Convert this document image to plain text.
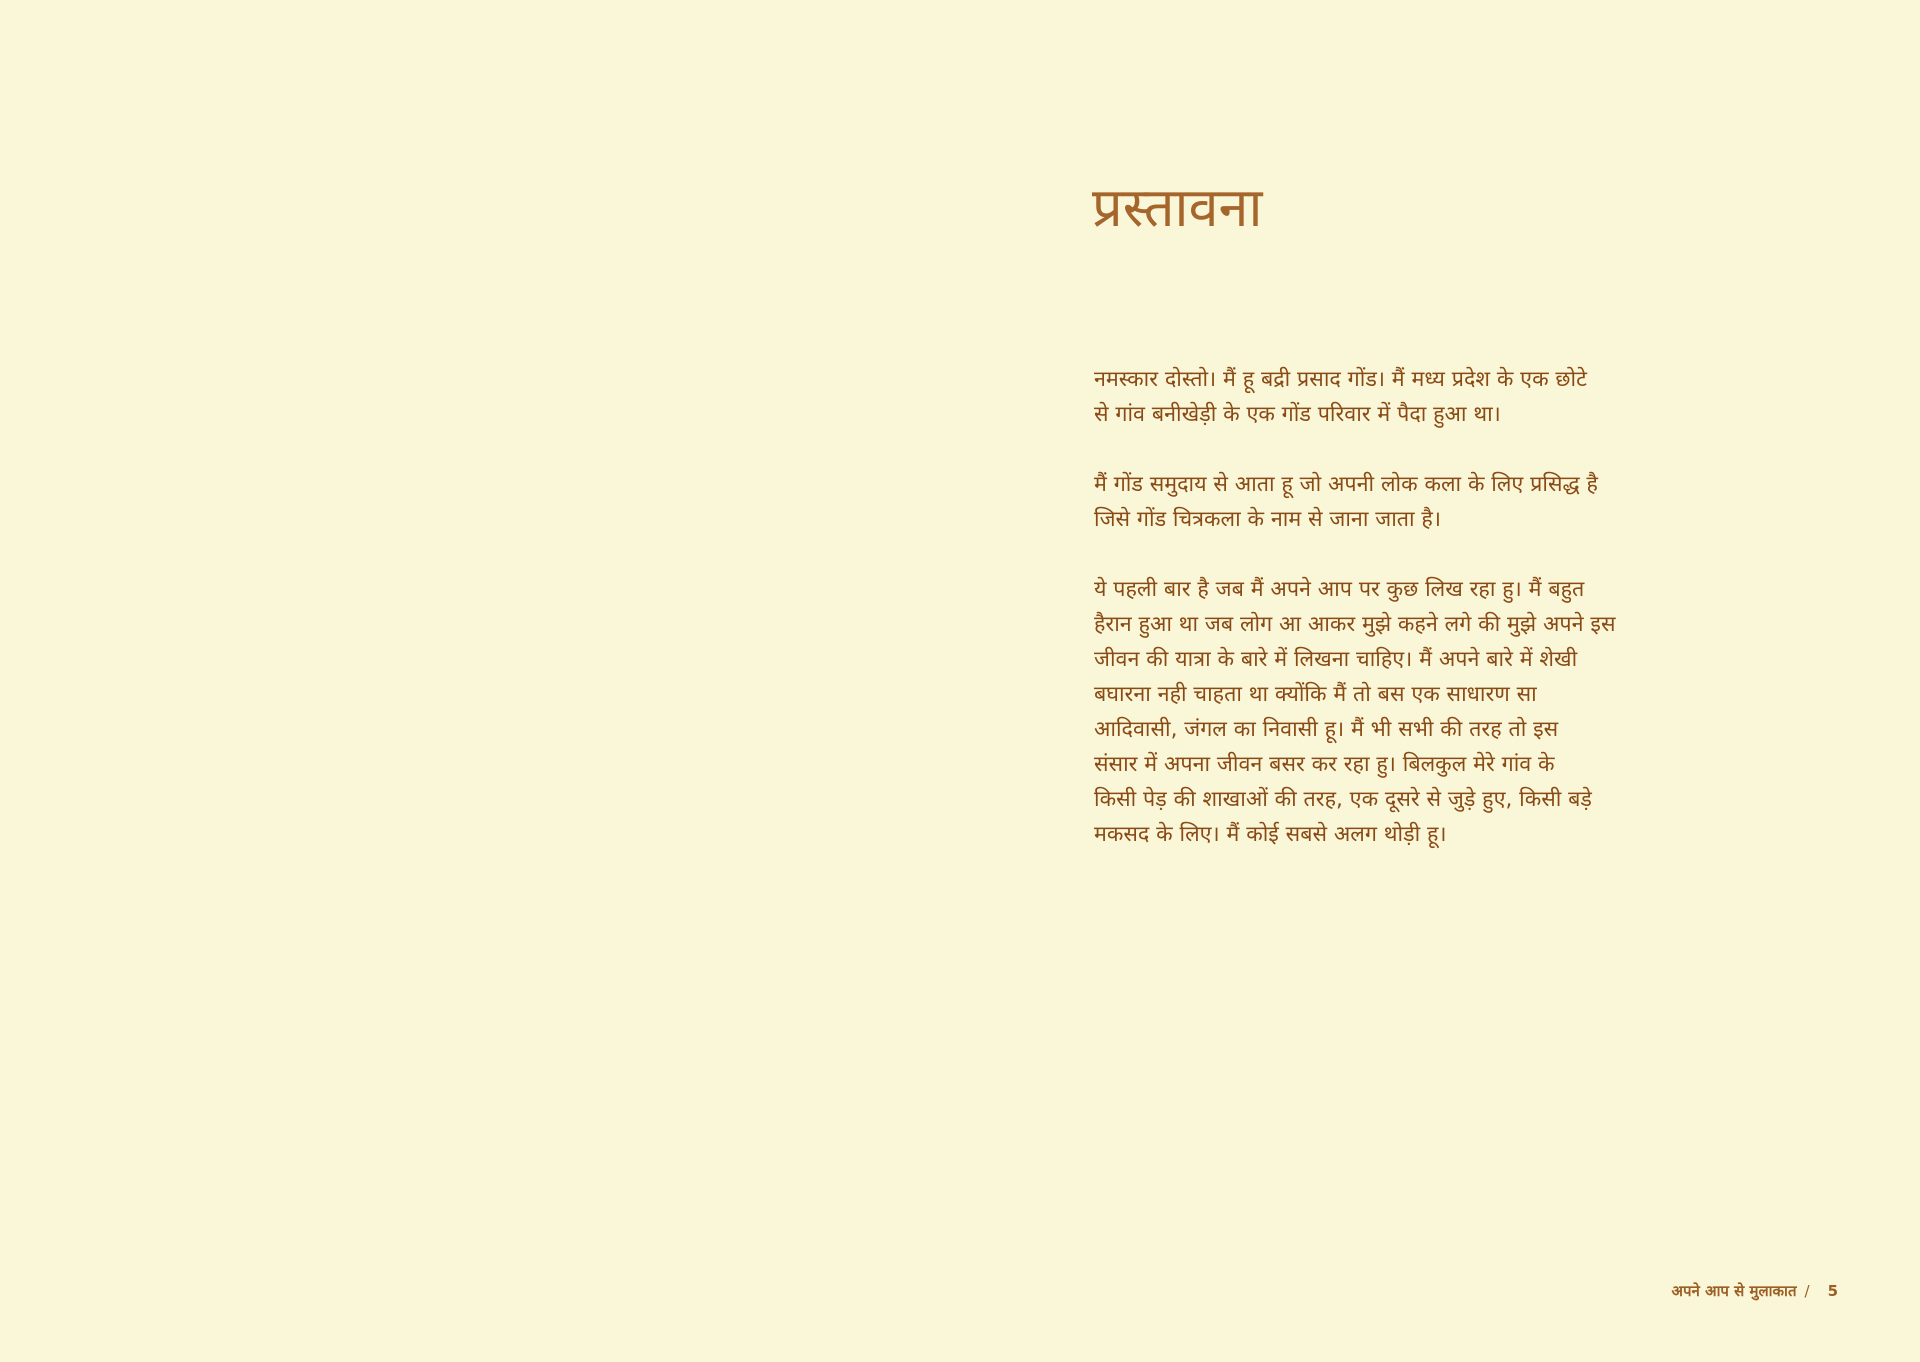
प्रस्तावना

नमस्कार दोस्तो। मैं हू बद्री प्रसाद गोंड। मैं मध्य प्रदेश के एक छोटे
से गांव बनीखेड़ी के एक गोंड परिवार में पैदा हुआ था।

मैं गोंड समुदाय से आता हू जो अपनी लोक कला के लिए प्रसिद्ध है
जिसे गोंड चित्रकला के नाम से जाना जाता है।

ये पहली बार है जब मैं अपने आप पर कुछ लिख रहा हु। मैं बहुत
हैरान हुआ था जब लोग आ आकर मुझे कहने लगे की मुझे अपने इस
जीवन की यात्रा के बारे में लिखना चाहिए। मैं अपने बारे में शेखी
बघारना नही चाहता था क्योंकि मैं तो बस एक साधारण सा
आदिवासी, जंगल का निवासी हू। मैं भी सभी की तरह तो इस
संसार में अपना जीवन बसर कर रहा हु। बिलकुल मेरे गांव के
किसी पेड़ की शाखाओं की तरह, एक दूसरे से जुड़े हुए, किसी बड़े
मकसद के लिए। मैं कोई सबसे अलग थोड़ी हू।

अपने आप से मुलाकात / 5
